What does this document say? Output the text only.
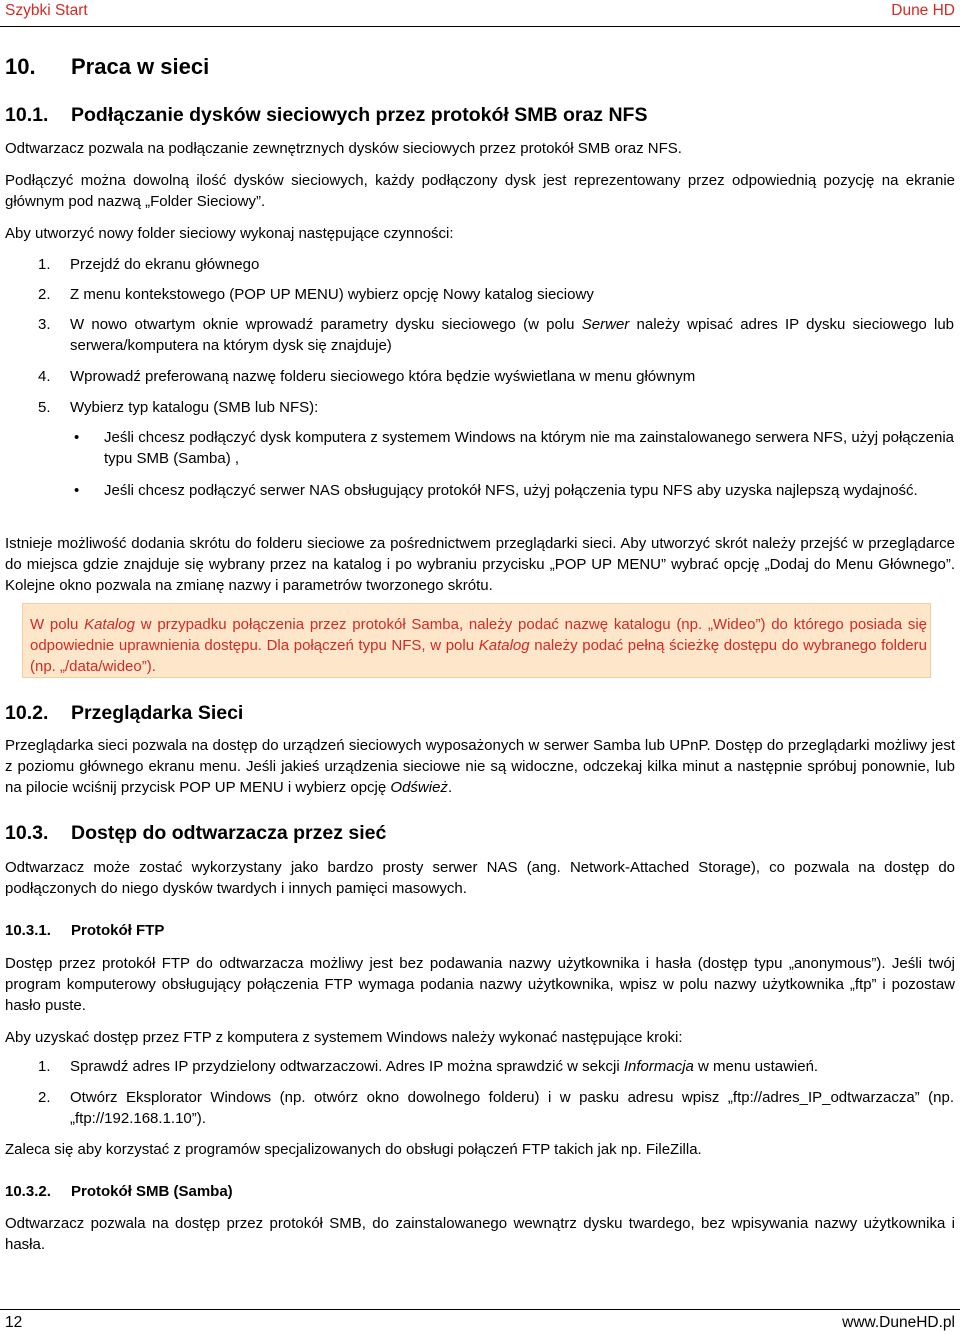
Szybki Start	Dune HD
10. Praca w sieci
10.1. Podłączanie dysków sieciowych przez protokół SMB oraz NFS

Odtwarzacz pozwala na podłączanie zewnętrznych dysków sieciowych przez protokół SMB oraz NFS.

Podłączyć można dowolną ilość dysków sieciowych, każdy podłączony dysk jest reprezentowany przez odpowiednią pozycję na ekranie głównym pod nazwą „Folder Sieciowy”.

Aby utworzyć nowy folder sieciowy wykonaj następujące czynności:

1. Przejdź do ekranu głównego

2. Z menu kontekstowego (POP UP MENU) wybierz opcję Nowy katalog sieciowy

3. W nowo otwartym oknie wprowadź parametry dysku sieciowego (w polu Serwer należy wpisać adres IP dysku sieciowego lub serwera/komputera na którym dysk się znajduje)

4. Wprowadź preferowaną nazwę folderu sieciowego która będzie wyświetlana w menu głównym

5. Wybierz typ katalogu (SMB lub NFS):

• Jeśli chcesz podłączyć dysk komputera z systemem Windows na którym nie ma zainstalowanego serwera NFS, użyj połączenia typu SMB (Samba) ,

• Jeśli chcesz podłączyć serwer NAS obsługujący protokół NFS, użyj połączenia typu NFS aby uzyska najlepszą wydajność.

Istnieje możliwość dodania skrótu do folderu sieciowe za pośrednictwem przeglądarki sieci. Aby utworzyć skrót należy przejść w przeglądarce do miejsca gdzie znajduje się wybrany przez na katalog i po wybraniu przycisku „POP UP MENU” wybrać opcję „Dodaj do Menu Głównego”. Kolejne okno pozwala na zmianę nazwy i parametrów tworzonego skrótu.

W polu Katalog w przypadku połączenia przez protokół Samba, należy podać nazwę katalogu (np. „Wideo”) do którego posiada się odpowiednie uprawnienia dostępu. Dla połączeń typu NFS, w polu Katalog należy podać pełną ścieżkę dostępu do wybranego folderu (np. „/data/wideo”).

10.2. Przeglądarka Sieci

Przeglądarka sieci pozwala na dostęp do urządzeń sieciowych wyposażonych w serwer Samba lub UPnP. Dostęp do przeglądarki możliwy jest z poziomu głównego ekranu menu. Jeśli jakieś urządzenia sieciowe nie są widoczne, odczekaj kilka minut a następnie spróbuj ponownie, lub na pilocie wciśnij przycisk POP UP MENU i wybierz opcję Odśwież.

10.3. Dostęp do odtwarzacza przez sieć

Odtwarzacz może zostać wykorzystany jako bardzo prosty serwer NAS (ang. Network-Attached Storage), co pozwala na dostęp do podłączonych do niego dysków twardych i innych pamięci masowych.

10.3.1. Protokół FTP

Dostęp przez protokół FTP do odtwarzacza możliwy jest bez podawania nazwy użytkownika i hasła (dostęp typu „anonymous”). Jeśli twój program komputerowy obsługujący połączenia FTP wymaga podania nazwy użytkownika, wpisz w polu nazwy użytkownika „ftp” i pozostaw hasło puste.

Aby uzyskać dostęp przez FTP z komputera z systemem Windows należy wykonać następujące kroki:

1. Sprawdź adres IP przydzielony odtwarzaczowi. Adres IP można sprawdzić w sekcji Informacja w menu ustawień.

2. Otwórz Eksplorator Windows (np. otwórz okno dowolnego folderu) i w pasku adresu wpisz „ftp://adres_IP_odtwarzacza” (np. „ftp://192.168.1.10”).

Zaleca się aby korzystać z programów specjalizowanych do obsługi połączeń FTP takich jak np. FileZilla.

10.3.2. Protokół SMB (Samba)

Odtwarzacz pozwala na dostęp przez protokół SMB, do zainstalowanego wewnątrz dysku twardego, bez wpisywania nazwy użytkownika i hasła.

12	www.DuneHD.pl
